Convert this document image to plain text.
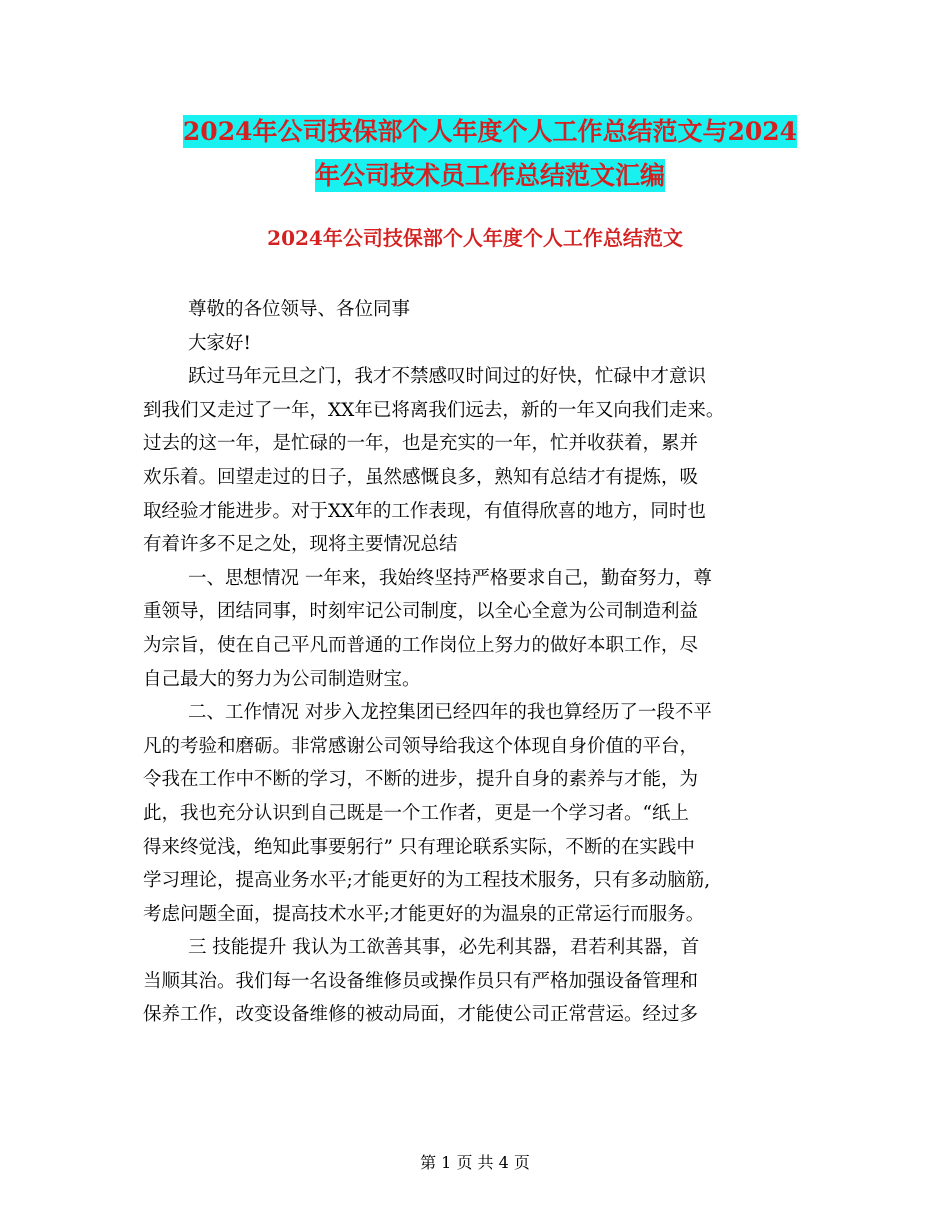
2024年公司技保部个人年度个人工作总结范文与2024
年公司技术员工作总结范文汇编
2024年公司技保部个人年度个人工作总结范文
尊敬的各位领导、各位同事
大家好!
跃过马年元旦之门，我才不禁感叹时间过的好快，忙碌中才意识
到我们又走过了一年，XX年已将离我们远去，新的一年又向我们走来。
过去的这一年，是忙碌的一年，也是充实的一年，忙并收获着，累并
欢乐着。回望走过的日子，虽然感慨良多，熟知有总结才有提炼，吸
取经验才能进步。对于XX年的工作表现，有值得欣喜的地方，同时也
有着许多不足之处，现将主要情况总结
一、思想情况 一年来，我始终坚持严格要求自己，勤奋努力，尊
重领导，团结同事，时刻牢记公司制度，以全心全意为公司制造利益
为宗旨，使在自己平凡而普通的工作岗位上努力的做好本职工作，尽
自己最大的努力为公司制造财宝。
二、工作情况 对步入龙控集团已经四年的我也算经历了一段不平
凡的考验和磨砺。非常感谢公司领导给我这个体现自身价值的平台，
令我在工作中不断的学习，不断的进步，提升自身的素养与才能，为
此，我也充分认识到自己既是一个工作者，更是一个学习者。“纸上
得来终觉浅，绝知此事要躬行” 只有理论联系实际，不断的在实践中
学习理论，提高业务水平;才能更好的为工程技术服务，只有多动脑筋,
考虑问题全面，提高技术水平;才能更好的为温泉的正常运行而服务。
三 技能提升 我认为工欲善其事，必先利其器，君若利其器，首
当顺其治。我们每一名设备维修员或操作员只有严格加强设备管理和
保养工作，改变设备维修的被动局面，才能使公司正常营运。经过多
第 1 页 共 4 页
